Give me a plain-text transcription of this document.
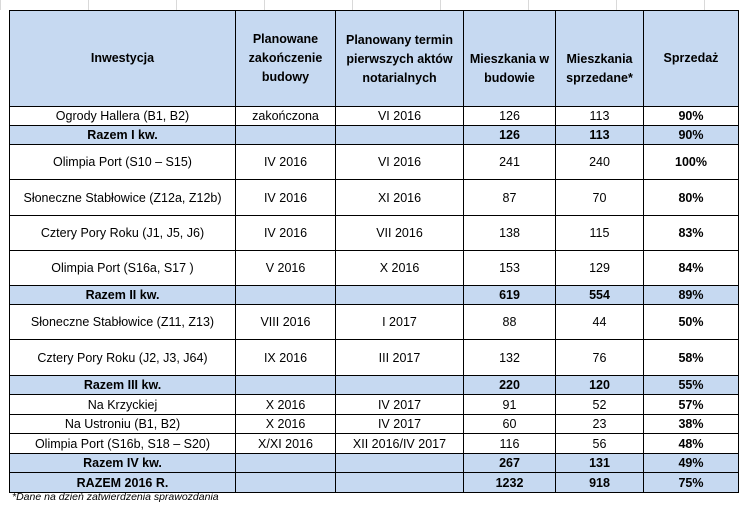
Inwestycja	Planowane zakończenie budowy	Planowany termin pierwszych aktów notarialnych	Mieszkania w budowie	Mieszkania sprzedane*	Sprzedaż
Ogrody Hallera (B1, B2)	zakończona	VI 2016	126	113	90%
Razem I kw.			126	113	90%
Olimpia Port (S10 – S15)	IV 2016	VI 2016	241	240	100%
Słoneczne Stabłowice (Z12a, Z12b)	IV 2016	XI 2016	87	70	80%
Cztery Pory Roku (J1, J5, J6)	IV 2016	VII 2016	138	115	83%
Olimpia Port (S16a, S17 )	V 2016	X 2016	153	129	84%
Razem II kw.			619	554	89%
Słoneczne Stabłowice (Z11, Z13)	VIII 2016	I 2017	88	44	50%
Cztery Pory Roku (J2, J3, J64)	IX 2016	III 2017	132	76	58%
Razem III kw.			220	120	55%
Na Krzyckiej	X 2016	IV 2017	91	52	57%
Na Ustroniu (B1, B2)	X 2016	IV 2017	60	23	38%
Olimpia Port (S16b, S18 – S20)	X/XI 2016	XII 2016/IV 2017	116	56	48%
Razem IV kw.			267	131	49%
RAZEM 2016 R.			1232	918	75%
*Dane na dzień zatwierdzenia sprawozdania
